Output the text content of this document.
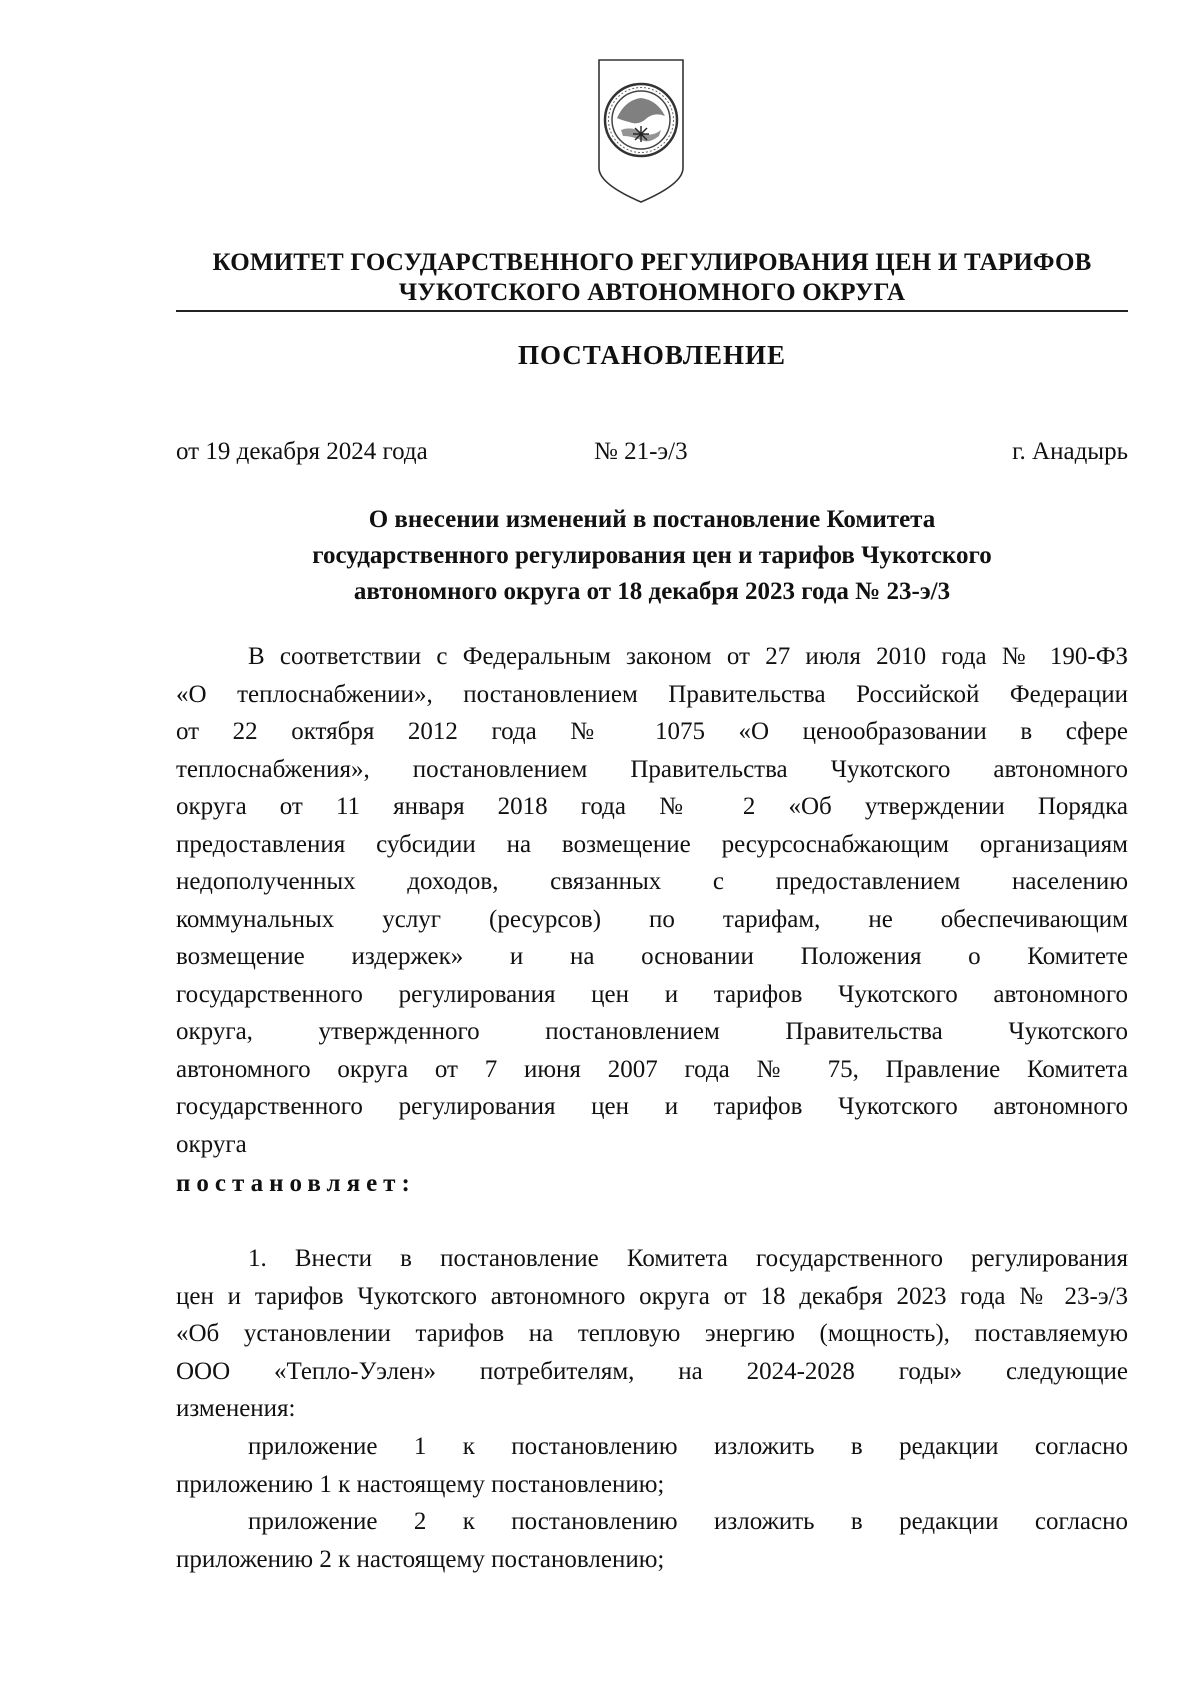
КОМИТЕТ ГОСУДАРСТВЕННОГО РЕГУЛИРОВАНИЯ ЦЕН И ТАРИФОВ
ЧУКОТСКОГО АВТОНОМНОГО ОКРУГА
ПОСТАНОВЛЕНИЕ
от 19 декабря 2024 года	№ 21-э/3	г. Анадырь
О внесении изменений в постановление Комитета
государственного регулирования цен и тарифов Чукотского
автономного округа от 18 декабря 2023 года № 23-э/3
В соответствии с Федеральным законом от 27 июля 2010 года № 190-ФЗ
«О теплоснабжении», постановлением Правительства Российской Федерации
от 22 октября 2012 года № 1075 «О ценообразовании в сфере
теплоснабжения», постановлением Правительства Чукотского автономного
округа от 11 января 2018 года № 2 «Об утверждении Порядка
предоставления субсидии на возмещение ресурсоснабжающим организациям
недополученных доходов, связанных с предоставлением населению
коммунальных услуг (ресурсов) по тарифам, не обеспечивающим
возмещение издержек» и на основании Положения о Комитете
государственного регулирования цен и тарифов Чукотского автономного
округа, утвержденного постановлением Правительства Чукотского
автономного округа от 7 июня 2007 года № 75, Правление Комитета
государственного регулирования цен и тарифов Чукотского автономного
округа
постановляет:
1. Внести в постановление Комитета государственного регулирования
цен и тарифов Чукотского автономного округа от 18 декабря 2023 года № 23-э/3
«Об установлении тарифов на тепловую энергию (мощность), поставляемую
ООО «Тепло-Уэлен» потребителям, на 2024-2028 годы» следующие
изменения:
приложение 1 к постановлению изложить в редакции согласно
приложению 1 к настоящему постановлению;
приложение 2 к постановлению изложить в редакции согласно
приложению 2 к настоящему постановлению;
